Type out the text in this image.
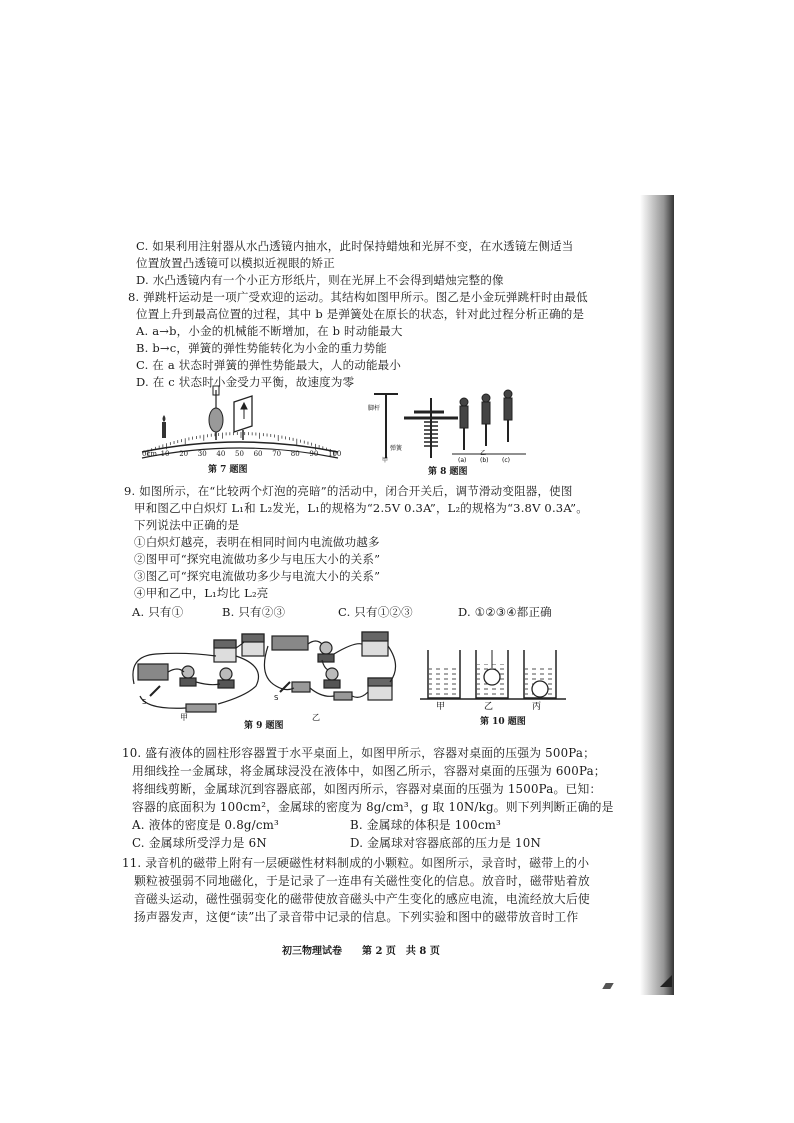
C. 如果利用注射器从水凸透镜内抽水，此时保持蜡烛和光屏不变，在水透镜左侧适当
位置放置凸透镜可以模拟近视眼的矫正
D. 水凸透镜内有一个小正方形纸片，则在光屏上不会得到蜡烛完整的像
8. 弹跳杆运动是一项广受欢迎的运动。其结构如图甲所示。图乙是小金玩弹跳杆时由最低
位置上升到最高位置的过程，其中 b 是弹簧处在原长的状态，针对此过程分析正确的是
A. a→b，小金的机械能不断增加，在 b 时动能最大
B. b→c，弹簧的弹性势能转化为小金的重力势能
C. 在 a 状态时弹簧的弹性势能最大，人的动能最小
D. 在 c 状态时小金受力平衡，故速度为零
第 7 题图
0cm 10 20 30 40 50 60 70 80 90 100
脚杆
弹簧
甲	(a) (b) (c)
乙
第 8 题图
9. 如图所示，在“比较两个灯泡的亮暗”的活动中，闭合开关后，调节滑动变阻器，使图
甲和图乙中白炽灯 L₁和 L₂发光，L₁的规格为“2.5V 0.3A”，L₂的规格为“3.8V 0.3A”。
下列说法中正确的是
①白炽灯越亮，表明在相同时间内电流做功越多
②图甲可“探究电流做功多少与电压大小的关系”
③图乙可“探究电流做功多少与电流大小的关系”
④甲和乙中，L₁均比 L₂亮
A. 只有①	B. 只有②③	C. 只有①②③	D. ①②③④都正确
S	S
甲	乙
第 9 题图
甲	乙	丙
第 10 题图
10. 盛有液体的圆柱形容器置于水平桌面上，如图甲所示，容器对桌面的压强为 500Pa；
用细线拴一金属球，将金属球浸没在液体中，如图乙所示，容器对桌面的压强为 600Pa；
将细线剪断，金属球沉到容器底部，如图丙所示，容器对桌面的压强为 1500Pa。已知：
容器的底面积为 100cm²，金属球的密度为 8g/cm³，g 取 10N/kg。则下列判断正确的是
A. 液体的密度是 0.8g/cm³	B. 金属球的体积是 100cm³
C. 金属球所受浮力是 6N	D. 金属球对容器底部的压力是 10N
11. 录音机的磁带上附有一层硬磁性材料制成的小颗粒。如图所示，录音时，磁带上的小
颗粒被强弱不同地磁化，于是记录了一连串有关磁性变化的信息。放音时，磁带贴着放
音磁头运动，磁性强弱变化的磁带使放音磁头中产生变化的感应电流，电流经放大后使
扬声器发声，这便“读”出了录音带中记录的信息。下列实验和图中的磁带放音时工作
初三物理试卷　　第 2 页　共 8 页
